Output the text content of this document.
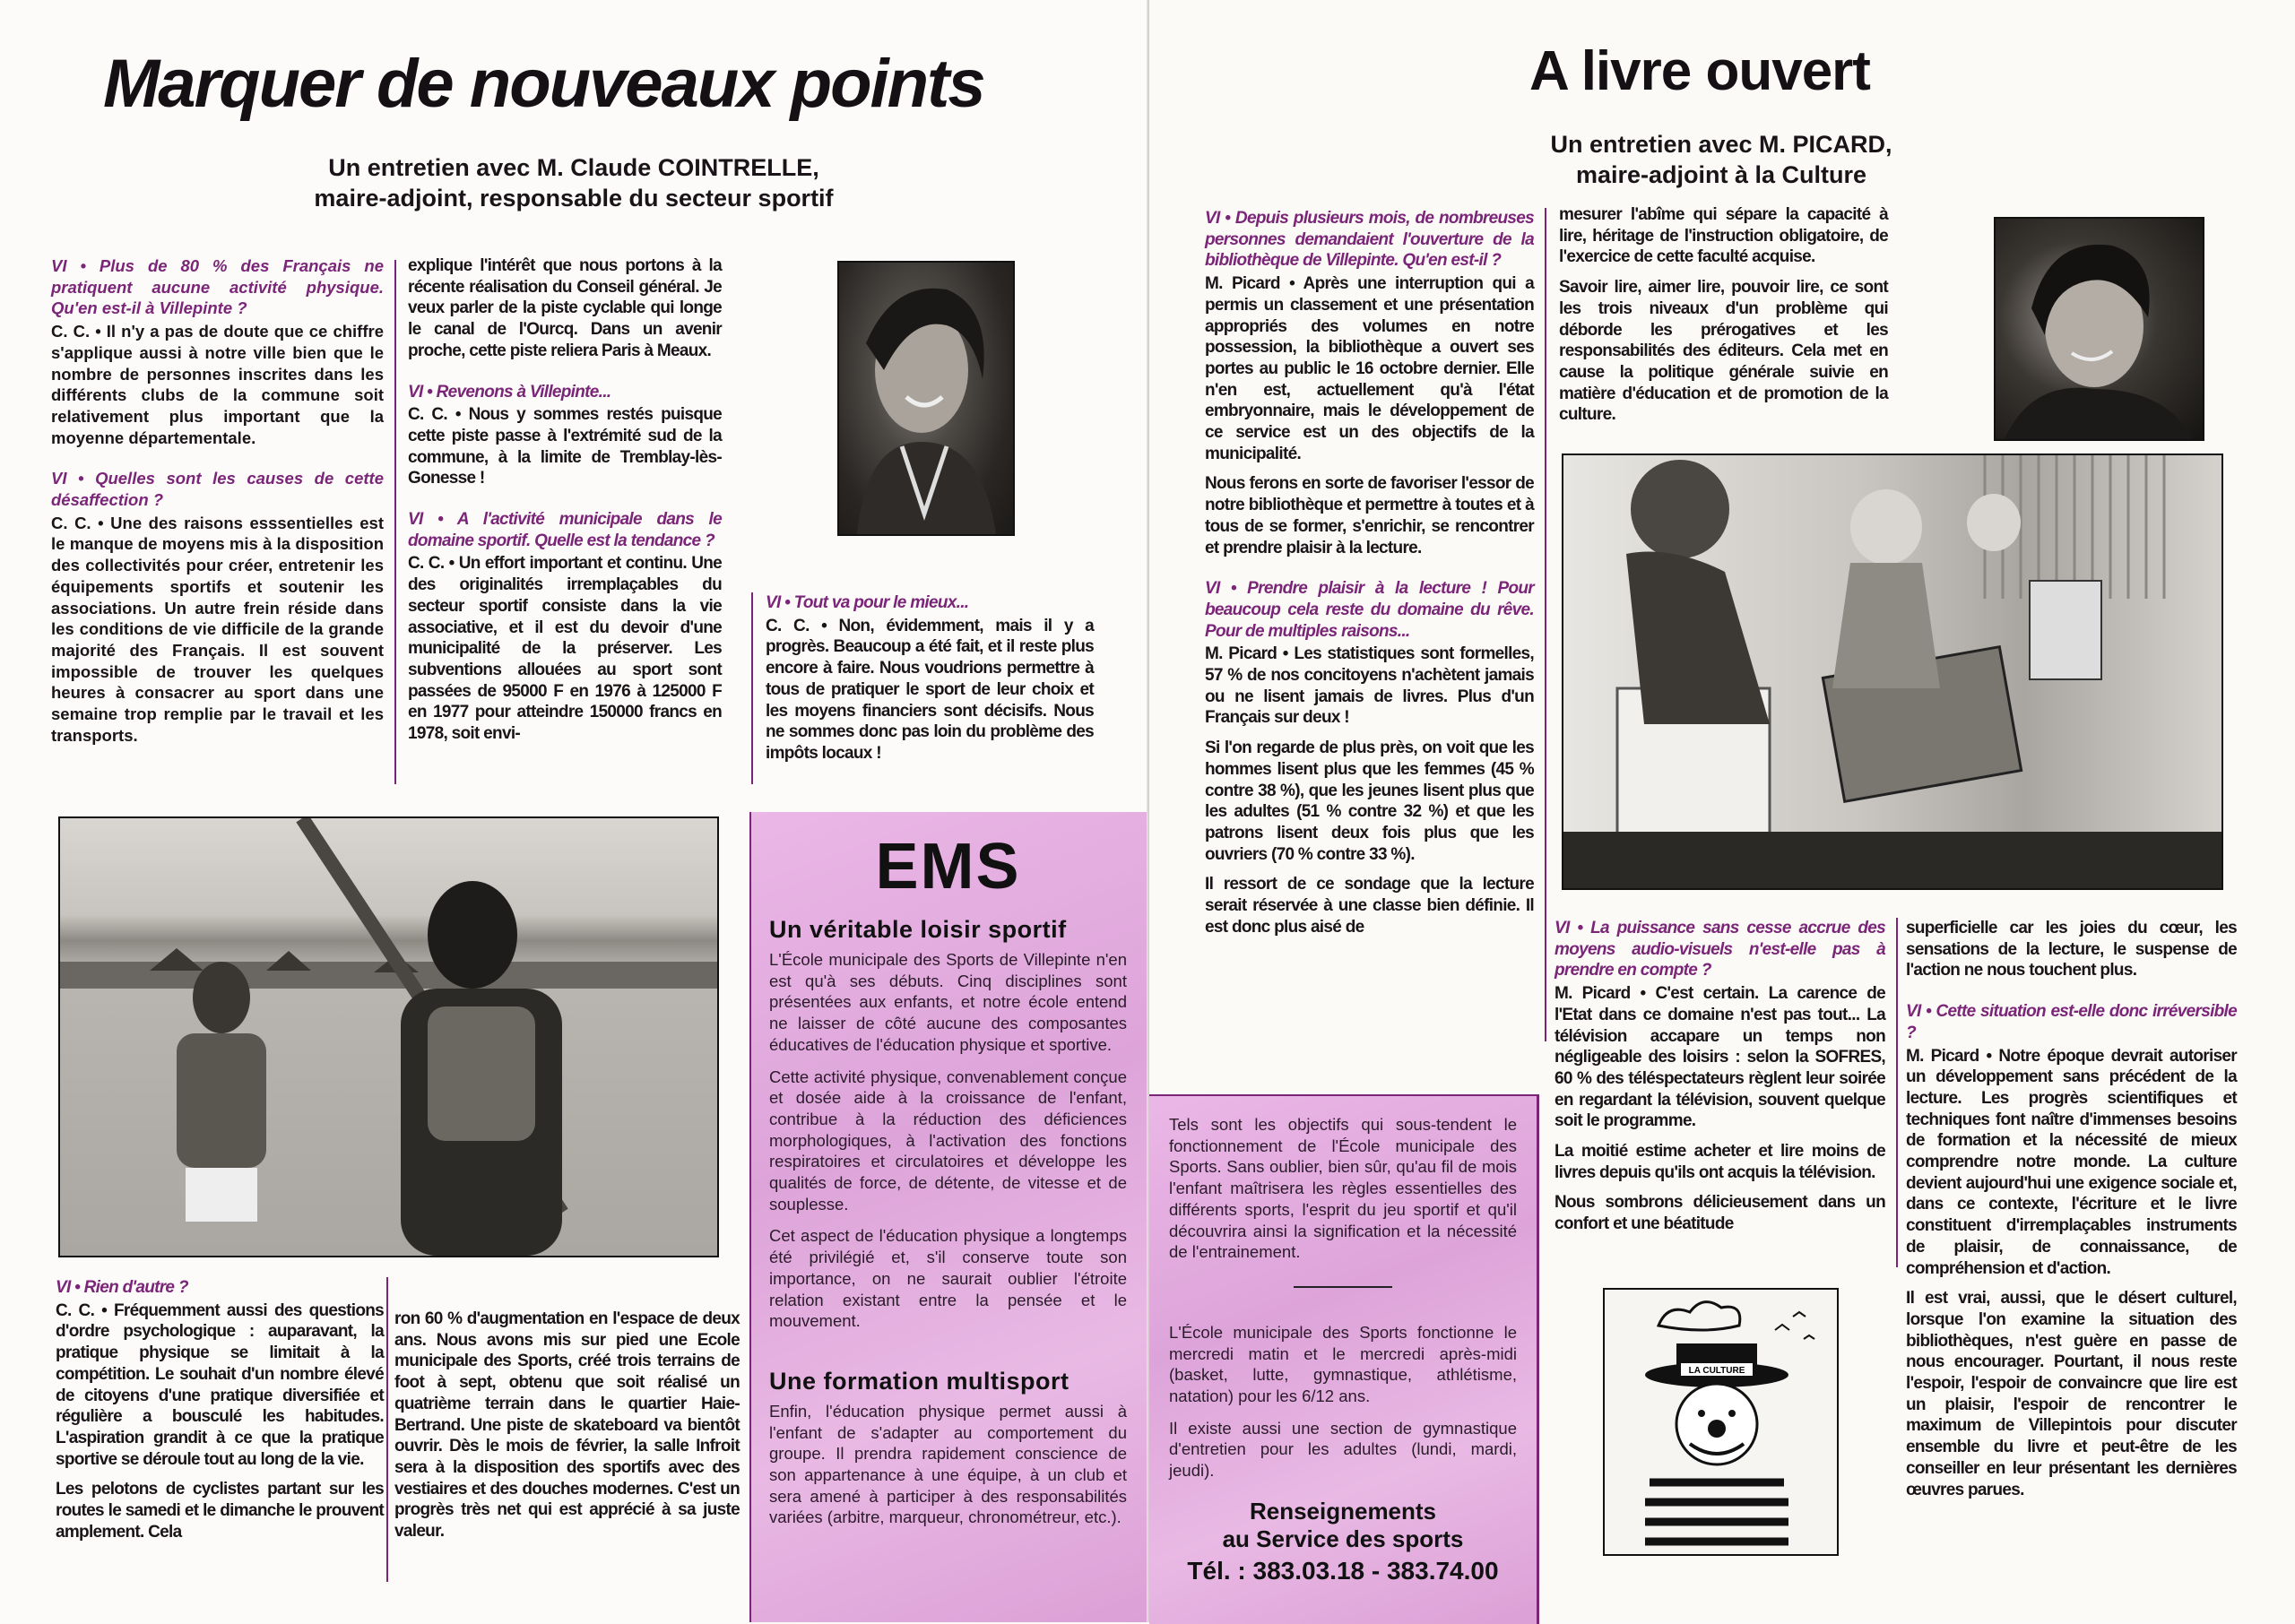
Marquer de nouveaux points
Un entretien avec M. Claude COINTRELLE,
maire-adjoint, responsable du secteur sportif
VI • Plus de 80 % des Français ne pratiquent aucune activité physique. Qu'en est-il à Villepinte ?
C. C. • Il n'y a pas de doute que ce chiffre s'applique aussi à notre ville bien que le nombre de personnes inscrites dans les différents clubs de la commune soit relativement plus important que la moyenne départementale.
VI • Quelles sont les causes de cette désaffection ?
C. C. • Une des raisons esssentielles est le manque de moyens mis à la disposition des collectivités pour créer, entretenir les équipements sportifs et soutenir les associations. Un autre frein réside dans les conditions de vie difficile de la grande majorité des Français. Il est souvent impossible de trouver les quelques heures à consacrer au sport dans une semaine trop remplie par le travail et les transports.
explique l'intérêt que nous portons à la récente réalisation du Conseil général. Je veux parler de la piste cyclable qui longe le canal de l'Ourcq. Dans un avenir proche, cette piste reliera Paris à Meaux.
VI • Revenons à Villepinte...
C. C. • Nous y sommes restés puisque cette piste passe à l'extrémité sud de la commune, à la limite de Tremblay-lès-Gonesse !
VI • A l'activité municipale dans le domaine sportif. Quelle est la tendance ?
C. C. • Un effort important et continu. Une des originalités irremplaçables du secteur sportif consiste dans la vie associative, et il est du devoir d'une municipalité de la préserver. Les subventions allouées au sport sont passées de 95000 F en 1976 à 125000 F en 1977 pour atteindre 150000 francs en 1978, soit envi-
VI • Tout va pour le mieux...
C. C. • Non, évidemment, mais il y a progrès. Beaucoup a été fait, et il reste plus encore à faire. Nous voudrions permettre à tous de pratiquer le sport de leur choix et les moyens financiers sont décisifs. Nous ne sommes donc pas loin du problème des impôts locaux !
VI • Rien d'autre ?
C. C. • Fréquemment aussi des questions d'ordre psychologique : auparavant, la pratique physique se limitait à la compétition. Le souhait d'un nombre élevé de citoyens d'une pratique diversifiée et régulière a bousculé les habitudes. L'aspiration grandit à ce que la pratique sportive se déroule tout au long de la vie.
Les pelotons de cyclistes partant sur les routes le samedi et le dimanche le prouvent amplement. Cela
ron 60 % d'augmentation en l'espace de deux ans. Nous avons mis sur pied une Ecole municipale des Sports, créé trois terrains de foot à sept, obtenu que soit réalisé un quatrième terrain dans le quartier Haie-Bertrand. Une piste de skateboard va bientôt ouvrir. Dès le mois de février, la salle Infroit sera à la disposition des sportifs avec des vestiaires et des douches modernes. C'est un progrès très net qui est apprécié à sa juste valeur.
EMS
Un véritable loisir sportif
L'École municipale des Sports de Villepinte n'en est qu'à ses débuts. Cinq disciplines sont présentées aux enfants, et notre école entend ne laisser de côté aucune des composantes éducatives de l'éducation physique et sportive.
Cette activité physique, convenablement conçue et dosée aide à la croissance de l'enfant, contribue à la réduction des déficiences morphologiques, à l'activation des fonctions respiratoires et circulatoires et développe les qualités de force, de détente, de vitesse et de souplesse.
Cet aspect de l'éducation physique a longtemps été privilégié et, s'il conserve toute son importance, on ne saurait oublier l'étroite relation existant entre la pensée et le mouvement.
Une formation multisport
Enfin, l'éducation physique permet aussi à l'enfant de s'adapter au comportement du groupe. Il prendra rapidement conscience de son appartenance à une équipe, à un club et sera amené à participer à des responsabilités variées (arbitre, marqueur, chronométreur, etc.).
A livre ouvert
Un entretien avec M. PICARD,
maire-adjoint à la Culture
VI • Depuis plusieurs mois, de nombreuses personnes demandaient l'ouverture de la bibliothèque de Villepinte. Qu'en est-il ?
M. Picard • Après une interruption qui a permis un classement et une présentation appropriés des volumes en notre possession, la bibliothèque a ouvert ses portes au public le 16 octobre dernier. Elle n'en est, actuellement qu'à l'état embryonnaire, mais le développement de ce service est un des objectifs de la municipalité.
Nous ferons en sorte de favoriser l'essor de notre bibliothèque et permettre à toutes et à tous de se former, s'enrichir, se rencontrer et prendre plaisir à la lecture.
VI • Prendre plaisir à la lecture ! Pour beaucoup cela reste du domaine du rêve. Pour de multiples raisons...
M. Picard • Les statistiques sont formelles, 57 % de nos concitoyens n'achètent jamais ou ne lisent jamais de livres. Plus d'un Français sur deux !
Si l'on regarde de plus près, on voit que les hommes lisent plus que les femmes (45 % contre 38 %), que les jeunes lisent plus que les adultes (51 % contre 32 %) et que les patrons lisent deux fois plus que les ouvriers (70 % contre 33 %).
Il ressort de ce sondage que la lecture serait réservée à une classe bien définie. Il est donc plus aisé de
mesurer l'abîme qui sépare la capacité à lire, héritage de l'instruction obligatoire, de l'exercice de cette faculté acquise.
Savoir lire, aimer lire, pouvoir lire, ce sont les trois niveaux d'un problème qui déborde les prérogatives et les responsabilités des éditeurs. Cela met en cause la politique générale suivie en matière d'éducation et de promotion de la culture.
VI • La puissance sans cesse accrue des moyens audio-visuels n'est-elle pas à prendre en compte ?
M. Picard • C'est certain. La carence de l'Etat dans ce domaine n'est pas tout... La télévision accapare un temps non négligeable des loisirs : selon la SOFRES, 60 % des téléspectateurs règlent leur soirée en regardant la télévision, souvent quelque soit le programme.
La moitié estime acheter et lire moins de livres depuis qu'ils ont acquis la télévision.
Nous sombrons délicieusement dans un confort et une béatitude
superficielle car les joies du cœur, les sensations de la lecture, le suspense de l'action ne nous touchent plus.
VI • Cette situation est-elle donc irréversible ?
M. Picard • Notre époque devrait autoriser un développement sans précédent de la lecture. Les progrès scientifiques et techniques font naître d'immenses besoins de formation et la nécessité de mieux comprendre notre monde. La culture devient aujourd'hui une exigence sociale et, dans ce contexte, l'écriture et le livre constituent d'irremplaçables instruments de plaisir, de connaissance, de compréhension et d'action.
Il est vrai, aussi, que le désert culturel, lorsque l'on examine la situation des bibliothèques, n'est guère en passe de nous encourager. Pourtant, il nous reste l'espoir, l'espoir de convaincre que lire est un plaisir, l'espoir de rencontrer le maximum de Villepintois pour discuter ensemble du livre et peut-être de les conseiller en leur présentant les dernières œuvres parues.
LA CULTURE
Tels sont les objectifs qui sous-tendent le fonctionnement de l'École municipale des Sports. Sans oublier, bien sûr, qu'au fil de mois l'enfant maîtrisera les règles essentielles des différents sports, l'esprit du jeu sportif et qu'il découvrira ainsi la signification et la nécessité de l'entrainement.
L'École municipale des Sports fonctionne le mercredi matin et le mercredi après-midi (basket, lutte, gymnastique, athlétisme, natation) pour les 6/12 ans.
Il existe aussi une section de gymnastique d'entretien pour les adultes (lundi, mardi, jeudi).
Renseignements
au Service des sports
Tél. : 383.03.18 - 383.74.00
